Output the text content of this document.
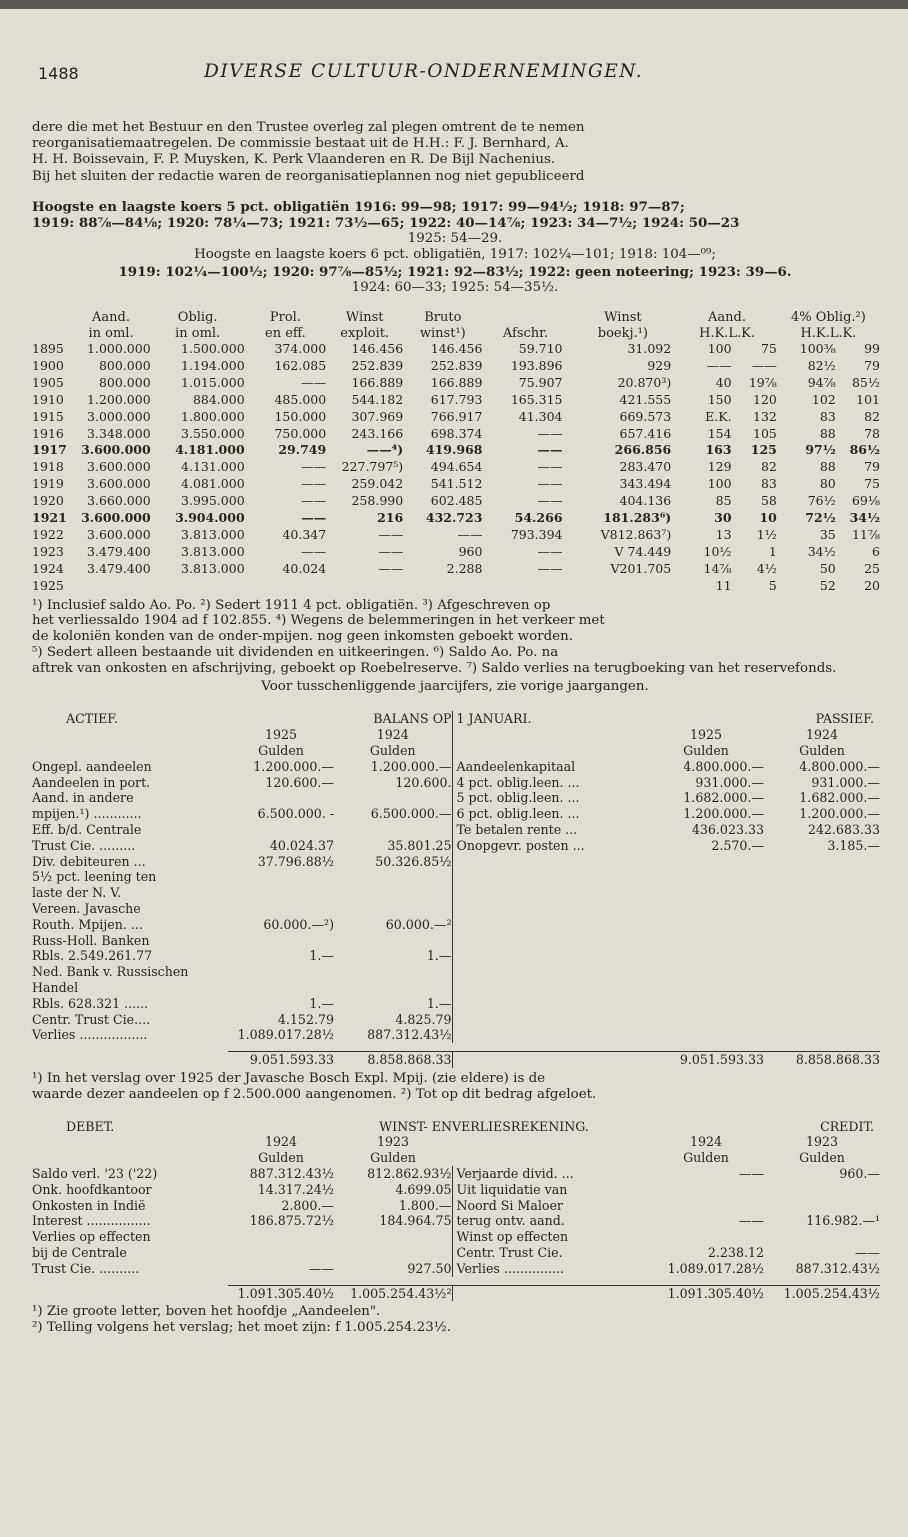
1488	DIVERSE CULTUUR-ONDERNEMINGEN.

dere die met het Bestuur en den Trustee overleg zal plegen omtrent de te nemen

reorganisatiemaatregelen. De commissie bestaat uit de H.H.: F. J. Bernhard, A.

H. H. Boissevain, F. P. Muysken, K. Perk Vlaanderen en R. De Bijl Nachenius.

Bij het sluiten der redactie waren de reorganisatieplannen nog niet gepubliceerd

Hoogste en laagste koers 5 pct. obligatiën 1916: 99—98; 1917: 99—94½; 1918: 97—87;

1919: 88⅞—84⅛; 1920: 78¼—73; 1921: 73½—65; 1922: 40—14⅞; 1923: 34—7½; 1924: 50—23

1925: 54—29.

Hoogste en laagste koers 6 pct. obligatiën, 1917: 102¼—101; 1918: 104—⁰⁹;

1919: 102¼—100½; 1920: 97⅞—85½; 1921: 92—83½; 1922: geen noteering; 1923: 39—6.

1924: 60—33; 1925: 54—35½.

	Aand.	Oblig.	Prol.	Winst	Bruto		Winst	Aand.		4% Oblig.²)	
	in oml.	in oml.	en eff.	exploit.	winst¹)	Afschr.	boekj.¹)	H.K.L.K.		H.K.L.K.	
1895	1.000.000	1.500.000	374.000	146.456	146.456	59.710	31.092	100	75	100⅜	99
1900	800.000	1.194.000	162.085	252.839	252.839	193.896	929	——	——	82½	79
1905	800.000	1.015.000	——	166.889	166.889	75.907	20.870³)	40	19⅞	94⅞	85½
1910	1.200.000	884.000	485.000	544.182	617.793	165.315	421.555	150	120	102	101
1915	3.000.000	1.800.000	150.000	307.969	766.917	41.304	669.573	E.K.	132	83	82
1916	3.348.000	3.550.000	750.000	243.166	698.374	——	657.416	154	105	88	78
1917	3.600.000	4.181.000	29.749	——⁴)	419.968	——	266.856	163	125	97½	86½
1918	3.600.000	4.131.000	——	227.797⁵)	494.654	——	283.470	129	82	88	79
1919	3.600.000	4.081.000	——	259.042	541.512	——	343.494	100	83	80	75
1920	3.660.000	3.995.000	——	258.990	602.485	——	404.136	85	58	76½	69⅛
1921	3.600.000	3.904.000	——	216	432.723	54.266	181.283⁶)	30	10	72½	34½
1922	3.600.000	3.813.000	40.347	——	——	793.394	V812.863⁷)	13	1½	35	11⅞
1923	3.479.400	3.813.000	——	——	960	——	V 74.449	10½	1	34½	6
1924	3.479.400	3.813.000	40.024	——	2.288	——	V201.705	14⅞	4½	50	25
1925								11	5	52	20

¹) Inclusief saldo Ao. Po. ²) Sedert 1911 4 pct. obligatiën. ³) Afgeschreven op

het verliessaldo 1904 ad f 102.855. ⁴) Wegens de belemmeringen in het verkeer met

de koloniën konden van de onder-mpijen. nog geen inkomsten geboekt worden.

⁵) Sedert alleen bestaande uit dividenden en uitkeeringen. ⁶) Saldo Ao. Po. na

aftrek van onkosten en afschrijving, geboekt op Roebelreserve. ⁷) Saldo verlies na terugboeking van het reservefonds.

Voor tusschenliggende jaarcijfers, zie vorige jaargangen.

ACTIEF.		BALANS OP	1 JANUARI.		PASSIEF.
	1925	1924		1925	1924
	Gulden	Gulden		Gulden	Gulden
Ongepl. aandeelen	1.200.000.—	1.200.000.—	Aandeelenkapitaal	4.800.000.—	4.800.000.—
Aandeelen in port.	120.600.—	120.600.	4 pct. oblig.leen. ...	931.000.—	931.000.—
Aand. in andere			5 pct. oblig.leen. ...	1.682.000.—	1.682.000.—
mpijen.¹) ............	6.500.000. -	6.500.000.—	6 pct. oblig.leen. ...	1.200.000.—	1.200.000.—
Eff. b/d. Centrale			Te betalen rente ...	436.023.33	242.683.33
Trust Cie. .........	40.024.37	35.801.25	Onopgevr. posten ...	2.570.—	3.185.—
Div. debiteuren ...	37.796.88½	50.326.85½			
5½ pct. leening ten					
laste der N. V.					
Vereen. Javasche					
Routh. Mpijen. ...	60.000.—²)	60.000.—²			
Russ-Holl. Banken					
Rbls. 2.549.261.77	1.—	1.—			
Ned. Bank v. Russischen Handel					
Rbls. 628.321 ......	1.—	1.—			
Centr. Trust Cie....	4.152.79	4.825.79			
Verlies .................	1.089.017.28½	887.312.43½			

	9.051.593.33	8.858.868.33		9.051.593.33	8.858.868.33

¹) In het verslag over 1925 der Javasche Bosch Expl. Mpij. (zie eldere) is de

waarde dezer aandeelen op f 2.500.000 aangenomen. ²) Tot op dit bedrag afgeloet.

DEBET.		WINST- EN	VERLIESREKENING.		CREDIT.
	1924	1923		1924	1923
	Gulden	Gulden		Gulden	Gulden
Saldo verl. '23 ('22)	887.312.43½	812.862.93½	Verjaarde divid. ...	——	960.—
Onk. hoofdkantoor	14.317.24½	4.699.05	Uit liquidatie van		
Onkosten in Indië	2.800.—	1.800.—	Noord Si Maloer		
Interest ................	186.875.72½	184.964.75	terug ontv. aand.	——	116.982.—¹
Verlies op effecten			Winst op effecten		
bij de Centrale			Centr. Trust Cie.	2.238.12	——
Trust Cie. ..........	——	927.50	Verlies ...............	1.089.017.28½	887.312.43½

	1.091.305.40½	1.005.254.43½²		1.091.305.40½	1.005.254.43½

¹) Zie groote letter, boven het hoofdje „Aandeelen".

²) Telling volgens het verslag; het moet zijn: f 1.005.254.23½.
